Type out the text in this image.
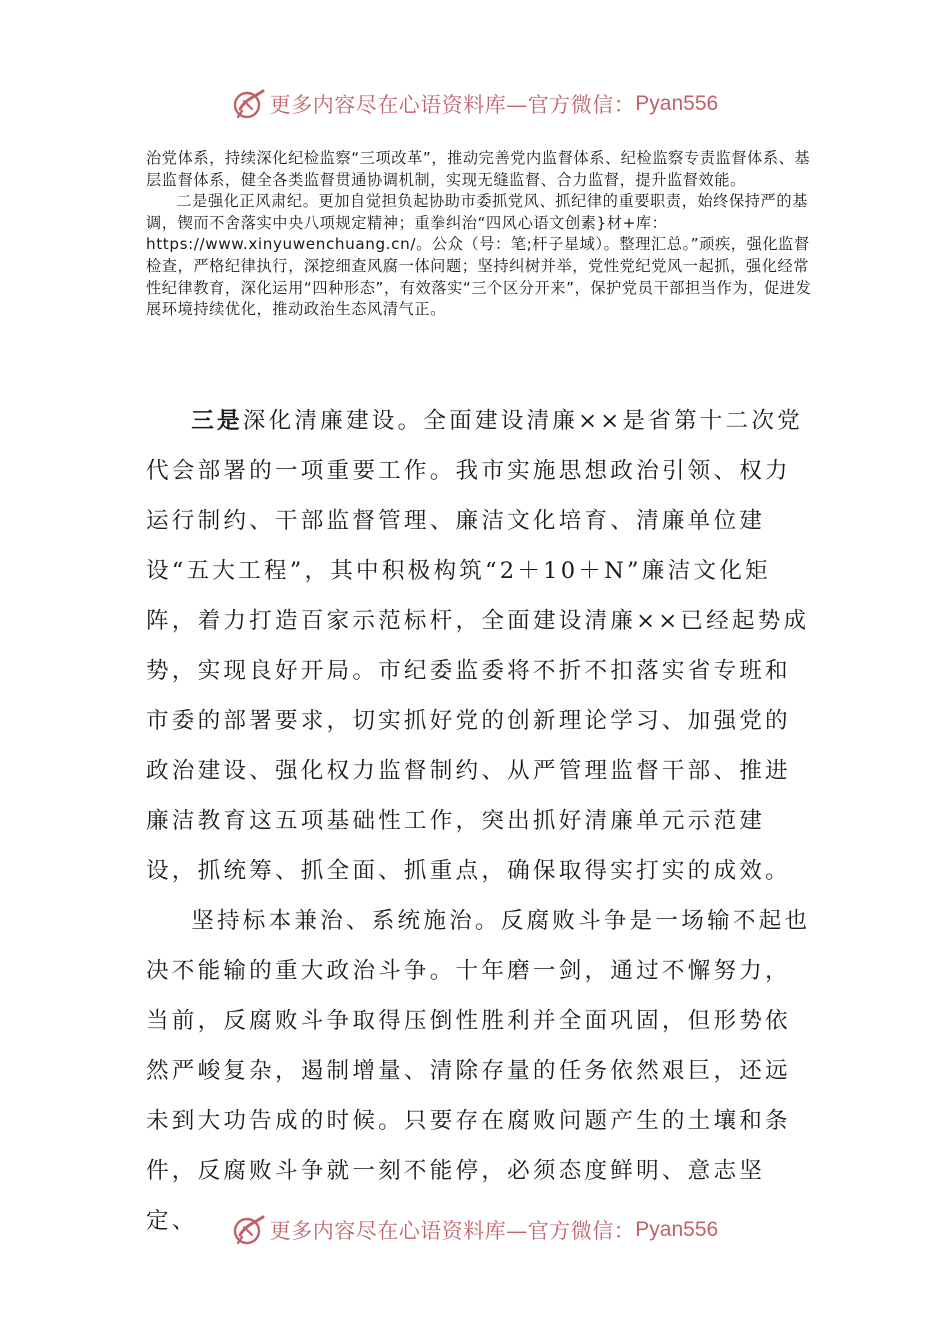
更多内容尽在心语资料库—官方微信： Pyan556

治党体系，持续深化纪检监察“三项改革”，推动完善党内监督体系、纪检监察专责监督体系、基层监督体系，健全各类监督贯通协调机制，实现无缝监督、合力监督，提升监督效能。

二是强化正风肃纪。更加自觉担负起协助市委抓党风、抓纪律的重要职责，始终保持严的基调，锲而不舍落实中央八项规定精神；重拳纠治“四风心语文创素}材+库：https://www.xinyuwenchuang.cn/。公众（号：笔;杆子星域）。整理汇总。”顽疾，强化监督检查，严格纪律执行，深挖细查风腐一体问题；坚持纠树并举，党性党纪党风一起抓，强化经常性纪律教育，深化运用“四种形态”，有效落实“三个区分开来”，保护党员干部担当作为，促进发展环境持续优化，推动政治生态风清气正。

三是深化清廉建设。全面建设清廉××是省第十二次党代会部署的一项重要工作。我市实施思想政治引领、权力运行制约、干部监督管理、廉洁文化培育、清廉单位建设“五大工程”，其中积极构筑“2＋10＋N”廉洁文化矩阵，着力打造百家示范标杆，全面建设清廉××已经起势成势，实现良好开局。市纪委监委将不折不扣落实省专班和市委的部署要求，切实抓好党的创新理论学习、加强党的政治建设、强化权力监督制约、从严管理监督干部、推进廉洁教育这五项基础性工作，突出抓好清廉单元示范建设，抓统筹、抓全面、抓重点，确保取得实打实的成效。

坚持标本兼治、系统施治。反腐败斗争是一场输不起也决不能输的重大政治斗争。十年磨一剑，通过不懈努力，当前，反腐败斗争取得压倒性胜利并全面巩固，但形势依然严峻复杂，遏制增量、清除存量的任务依然艰巨，还远未到大功告成的时候。只要存在腐败问题产生的土壤和条件，反腐败斗争就一刻不能停，必须态度鲜明、意志坚定、	更多内容尽在心语资料库—官方微信： Pyan556
